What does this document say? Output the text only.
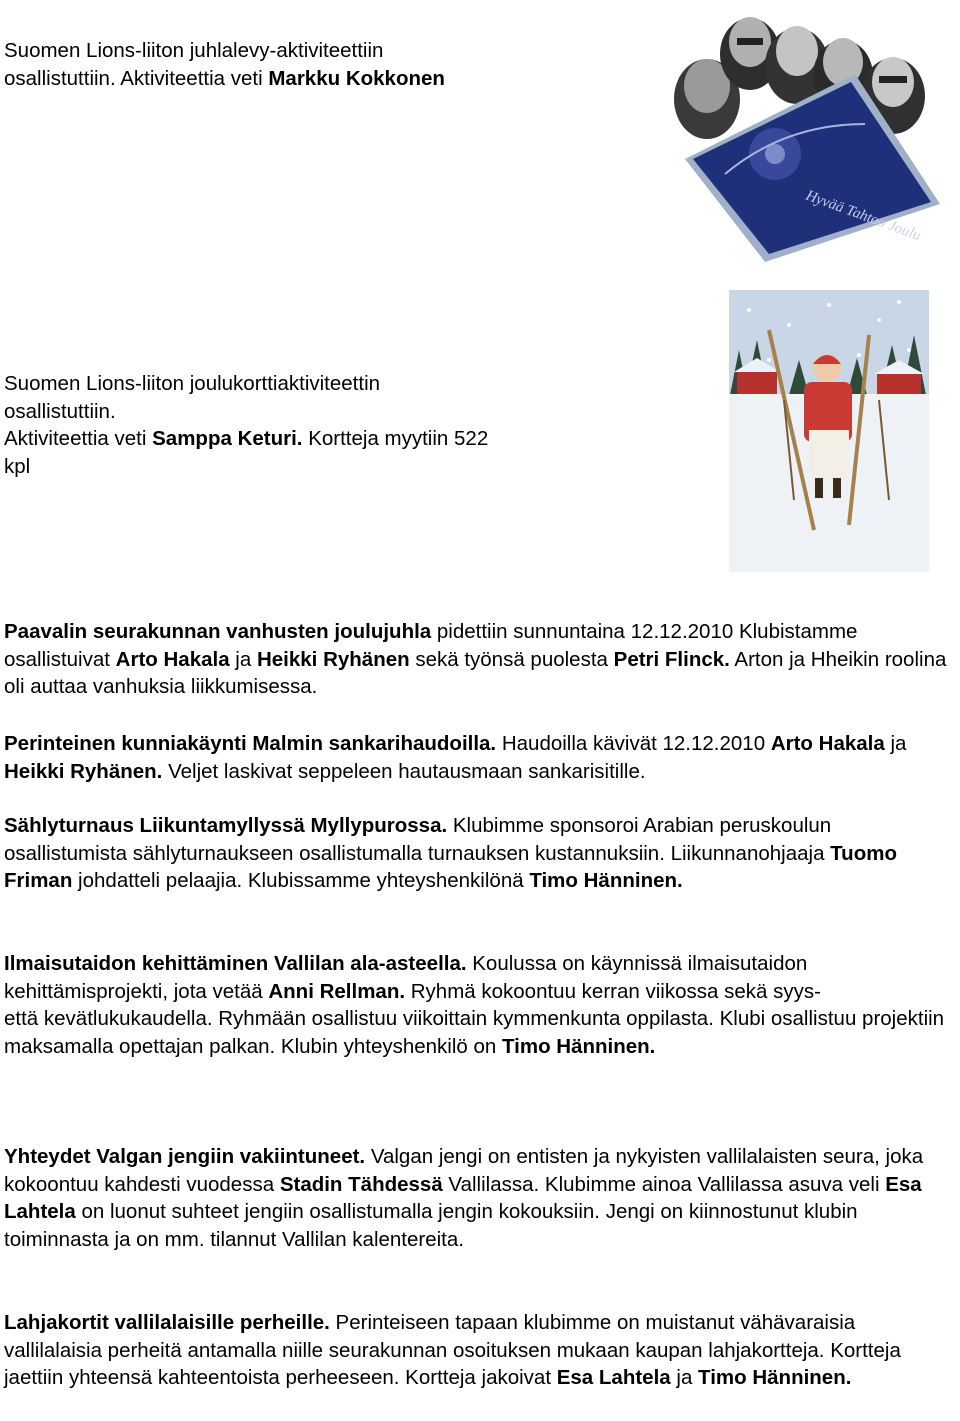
Suomen Lions-liiton juhlalevy-aktiviteettiin
osallistuttiin. Aktiviteettia veti Markku Kokkonen
Hyvää Tahtoo Joulu
Suomen Lions-liiton joulukorttiaktiviteettin
osallistuttiin.
Aktiviteettia veti Samppa Keturi. Kortteja myytiin 522
kpl
Paavalin seurakunnan vanhusten joulujuhla pidettiin sunnuntaina 12.12.2010 Klubistamme osallistuivat Arto Hakala ja Heikki Ryhänen sekä työnsä puolesta Petri Flinck. Arton ja Hheikin roolina oli auttaa vanhuksia liikkumisessa.
Perinteinen kunniakäynti Malmin sankarihaudoilla. Haudoilla kävivät 12.12.2010 Arto Hakala ja Heikki Ryhänen. Veljet laskivat seppeleen hautausmaan sankarisitille.
Sählyturnaus Liikuntamyllyssä Myllypurossa. Klubimme sponsoroi Arabian peruskoulun osallistumista sählyturnaukseen osallistumalla turnauksen kustannuksiin. Liikunnanohjaaja Tuomo Friman johdatteli pelaajia. Klubissamme yhteyshenkilönä Timo Hänninen.
Ilmaisutaidon kehittäminen Vallilan ala-asteella. Koulussa on käynnissä ilmaisutaidon kehittämisprojekti, jota vetää Anni Rellman. Ryhmä kokoontuu kerran viikossa sekä syys-
että kevätlukukaudella. Ryhmään osallistuu viikoittain kymmenkunta oppilasta. Klubi osallistuu projektiin maksamalla opettajan palkan. Klubin yhteyshenkilö on Timo Hänninen.
Yhteydet Valgan jengiin vakiintuneet. Valgan jengi on entisten ja nykyisten vallilalaisten seura, joka kokoontuu kahdesti vuodessa Stadin Tähdessä Vallilassa. Klubimme ainoa Vallilassa asuva veli Esa Lahtela on luonut suhteet jengiin osallistumalla jengin kokouksiin. Jengi on kiinnostunut klubin toiminnasta ja on mm. tilannut Vallilan kalentereita.
Lahjakortit vallilalaisille perheille. Perinteiseen tapaan klubimme on muistanut vähävaraisia vallilalaisia perheitä antamalla niille seurakunnan osoituksen mukaan kaupan lahjakortteja. Kortteja jaettiin yhteensä kahteentoista perheeseen. Kortteja jakoivat Esa Lahtela ja Timo Hänninen.
